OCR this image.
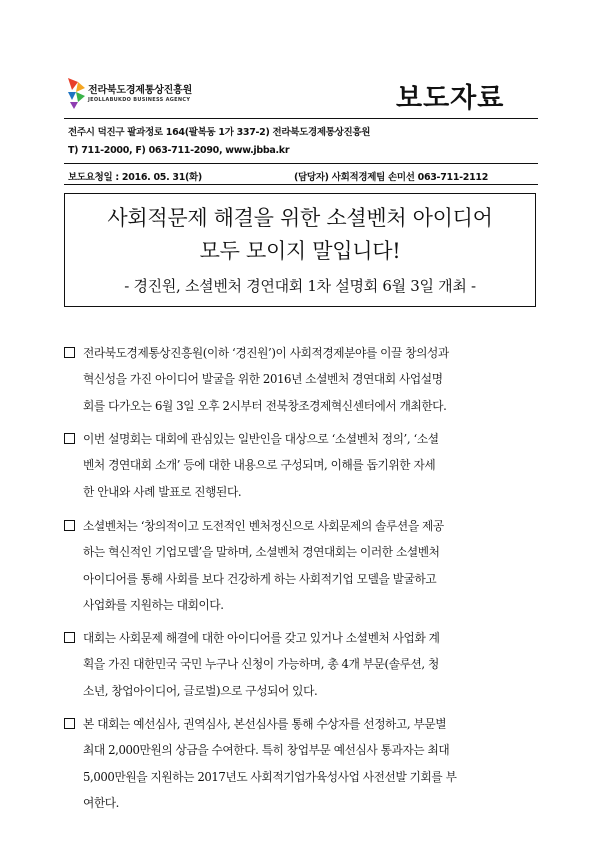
전라북도경제통상진흥원
JEOLLABUKDO BUSINESS AGENCY	보도자료
전주시 덕진구 팔과정로 164(팔복동 1가 337-2) 전라북도경제통상진흥원
T) 711-2000, F) 063-711-2090, www.jbba.kr
보도요청일 : 2016. 05. 31(화)	(담당자) 사회적경제팀 손미선 063-711-2112
사회적문제 해결을 위한 소셜벤처 아이디어
모두 모이지 말입니다!
- 경진원, 소셜벤처 경연대회 1차 설명회 6월 3일 개최 -
전라북도경제통상진흥원(이하 ‘경진원’)이 사회적경제분야를 이끌 창의성과
혁신성을 가진 아이디어 발굴을 위한 2016년 소셜벤처 경연대회 사업설명
회를 다가오는 6월 3일 오후 2시부터 전북창조경제혁신센터에서 개최한다.
이번 설명회는 대회에 관심있는 일반인을 대상으로 ‘소셜벤처 정의’, ‘소셜
벤처 경연대회 소개’ 등에 대한 내용으로 구성되며, 이해를 돕기위한 자세
한 안내와 사례 발표로 진행된다.
소셜벤처는 ‘창의적이고 도전적인 벤처정신으로 사회문제의 솔루션을 제공
하는 혁신적인 기업모델’을 말하며, 소셜벤처 경연대회는 이러한 소셜벤처
아이디어를 통해 사회를 보다 건강하게 하는 사회적기업 모델을 발굴하고
사업화를 지원하는 대회이다.
대회는 사회문제 해결에 대한 아이디어를 갖고 있거나 소셜벤처 사업화 계
획을 가진 대한민국 국민 누구나 신청이 가능하며, 총 4개 부문(솔루션, 청
소년, 창업아이디어, 글로벌)으로 구성되어 있다.
본 대회는 예선심사, 권역심사, 본선심사를 통해 수상자를 선정하고, 부문별
최대 2,000만원의 상금을 수여한다. 특히 창업부문 예선심사 통과자는 최대
5,000만원을 지원하는 2017년도 사회적기업가육성사업 사전선발 기회를 부
여한다.
